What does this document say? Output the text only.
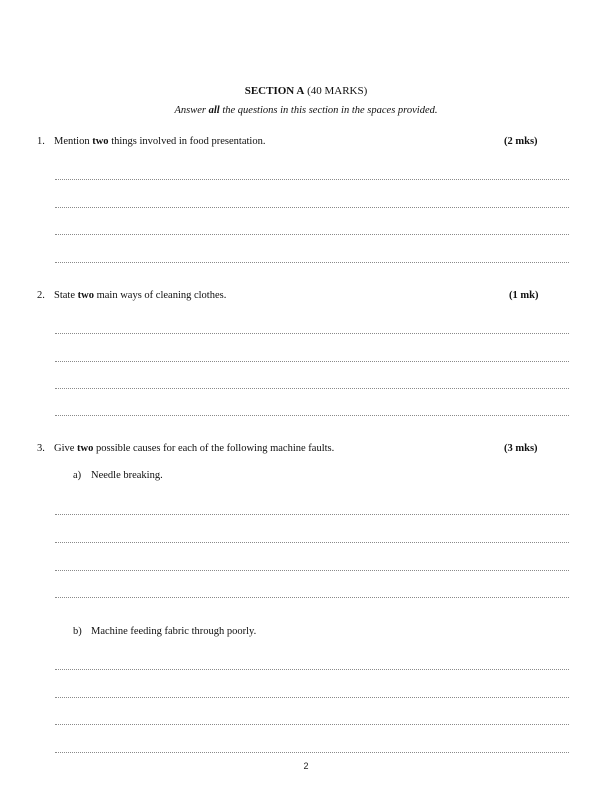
SECTION A (40 MARKS)
Answer all the questions in this section in the spaces provided.
1. Mention two things involved in food presentation.	(2 mks)
2. State two main ways of cleaning clothes.	(1 mk)
3. Give two possible causes for each of the following machine faults.	(3 mks)
a) Needle breaking.
b) Machine feeding fabric through poorly.
2
